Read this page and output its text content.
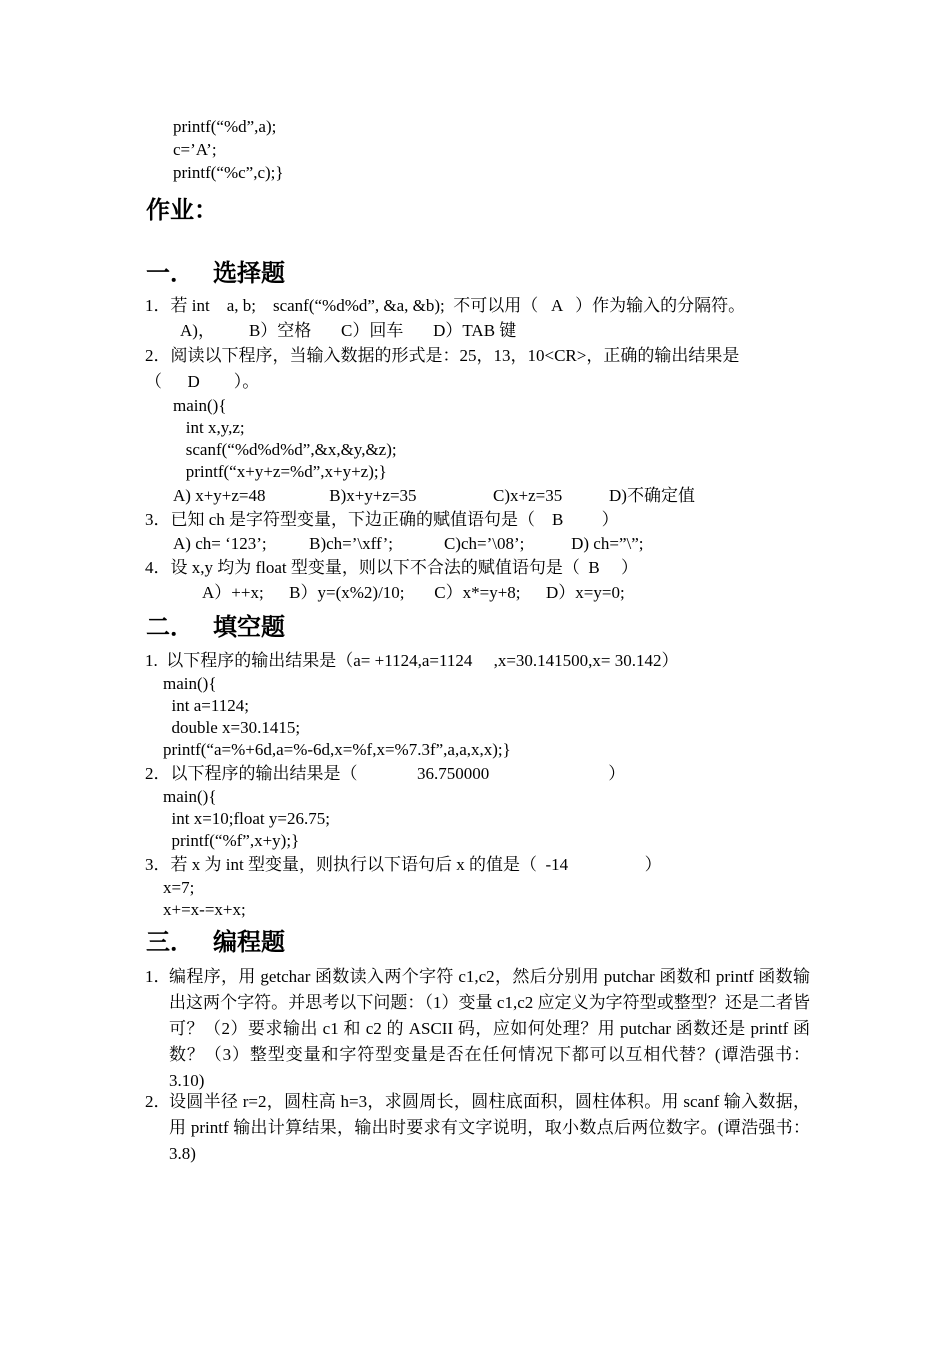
printf(“%d”,a);
c=’A’;
printf(“%c”,c);}
作业：
一． 选择题
1．若 int    a, b;    scanf(“%d%d”, &a, &b);  不可以用（   A   ）作为输入的分隔符。
A)，        B）空格       C）回车       D）TAB 键
2．阅读以下程序，当输入数据的形式是：25，13，10<CR>，正确的输出结果是
（      D        ）。
main(){
int x,y,z;
scanf(“%d%d%d”,&x,&y,&z);
printf(“x+y+z=%d”,x+y+z);}
A) x+y+z=48               B)x+y+z=35                  C)x+z=35           D)不确定值
3．已知 ch 是字符型变量，下边正确的赋值语句是（    B         ）
A) ch= ‘123’;          B)ch=’\xff’;            C)ch=’\08’;           D) ch=”\”;
4．设 x,y 均为 float 型变量，则以下不合法的赋值语句是（  B     ）
A）++x;      B）y=(x%2)/10;       C）x*=y+8;      D）x=y=0;
二． 填空题
1.  以下程序的输出结果是（a= +1124,a=1124     ,x=30.141500,x= 30.142）
main(){
int a=1124;
double x=30.1415;
printf(“a=%+6d,a=%-6d,x=%f,x=%7.3f”,a,a,x,x);}
2．以下程序的输出结果是（              36.750000                            ）
main(){
int x=10;float y=26.75;
printf(“%f”,x+y);}
3．若 x 为 int 型变量，则执行以下语句后 x 的值是（  -14                  ）
x=7;
x+=x-=x+x;
三． 编程题
1．
编程序，用 getchar 函数读入两个字符 c1,c2，然后分别用 putchar 函数和 printf 函数输出这两个字符。并思考以下问题：（1）变量 c1,c2 应定义为字符型或整型？还是二者皆可？（2）要求输出 c1 和 c2 的 ASCII 码，应如何处理？用 putchar 函数还是 printf 函数？（3）整型变量和字符型变量是否在任何情况下都可以互相代替？(谭浩强书：3.10)
2．
设圆半径 r=2，圆柱高 h=3，求圆周长，圆柱底面积，圆柱体积。用 scanf 输入数据，用 printf 输出计算结果，输出时要求有文字说明，取小数点后两位数字。(谭浩强书：3.8)
